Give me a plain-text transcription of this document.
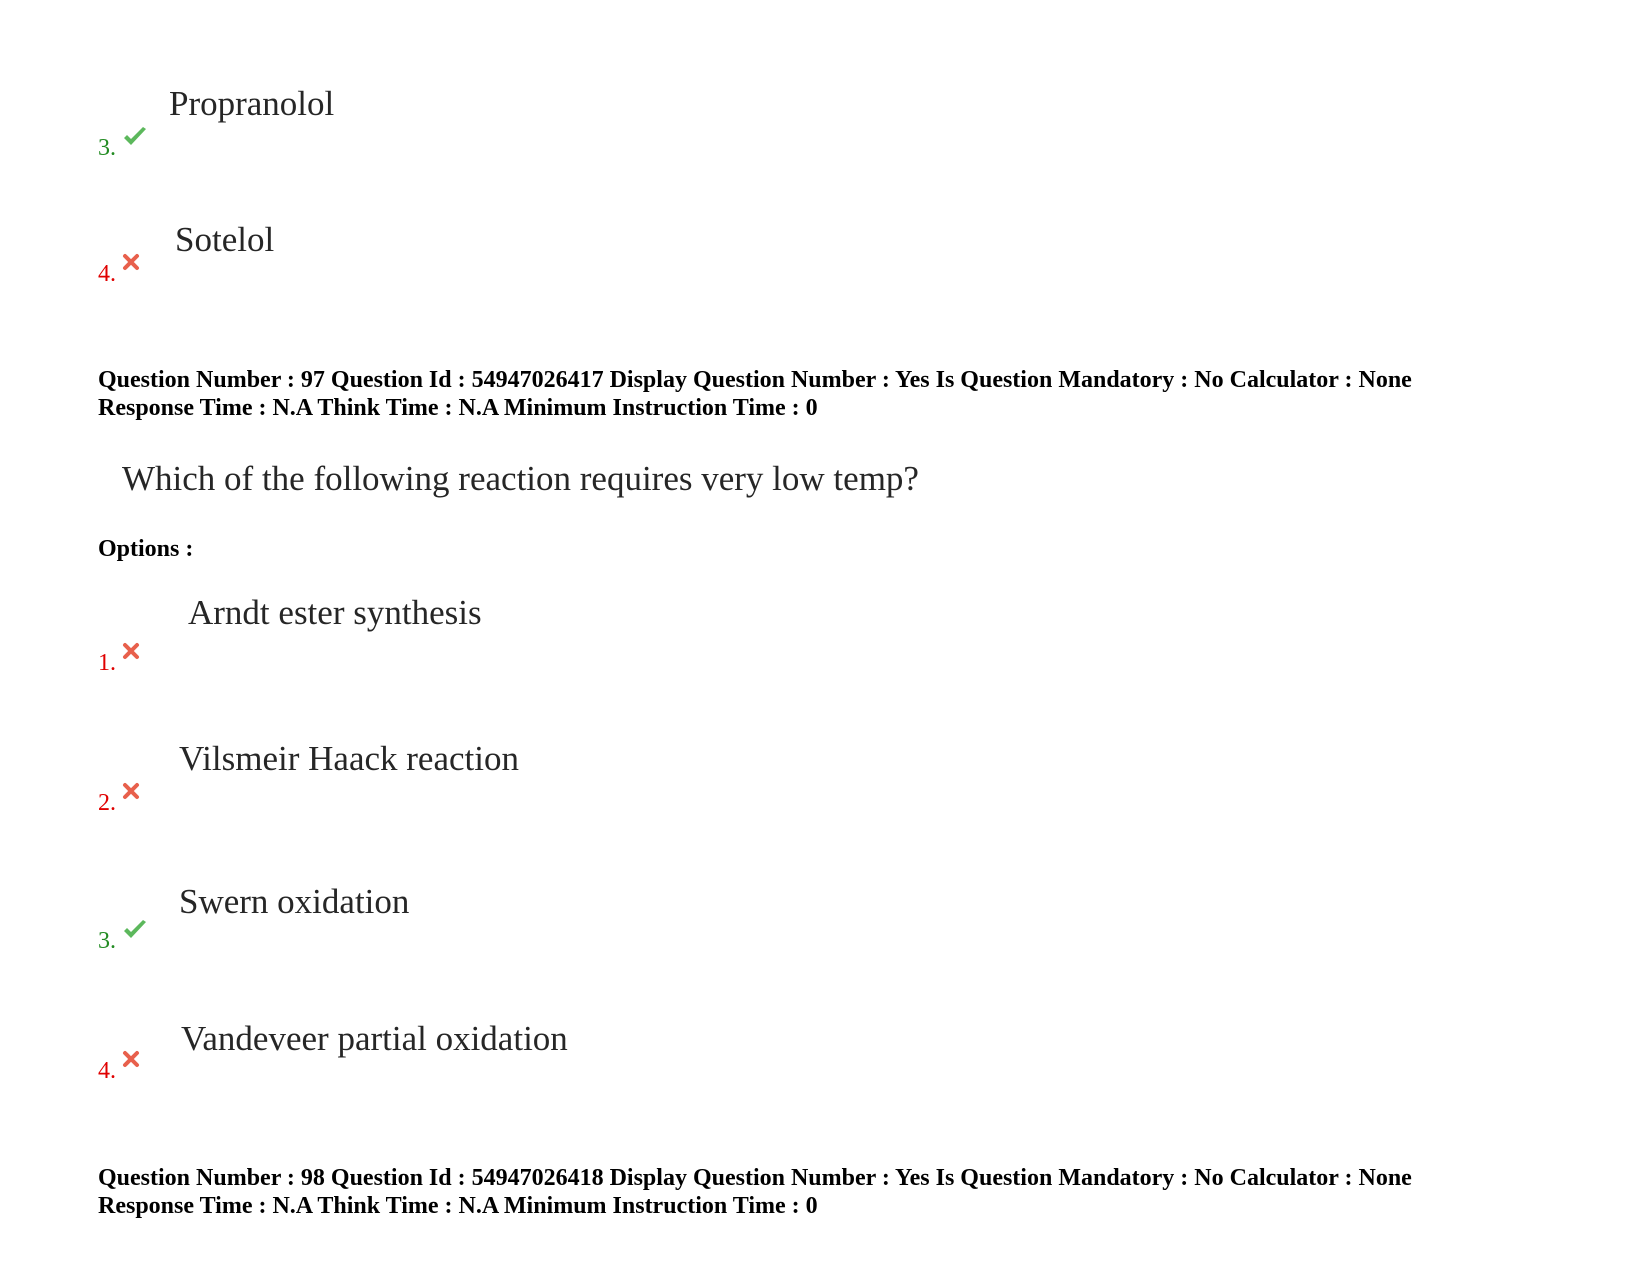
Propranolol
3.
Sotelol
4.
Question Number : 97 Question Id : 54947026417 Display Question Number : Yes Is Question Mandatory : No Calculator : None
Response Time : N.A Think Time : N.A Minimum Instruction Time : 0
Which of the following reaction requires very low temp?
Options :
Arndt ester synthesis
1.
Vilsmeir Haack reaction
2.
Swern oxidation
3.
Vandeveer partial oxidation
4.
Question Number : 98 Question Id : 54947026418 Display Question Number : Yes Is Question Mandatory : No Calculator : None
Response Time : N.A Think Time : N.A Minimum Instruction Time : 0
